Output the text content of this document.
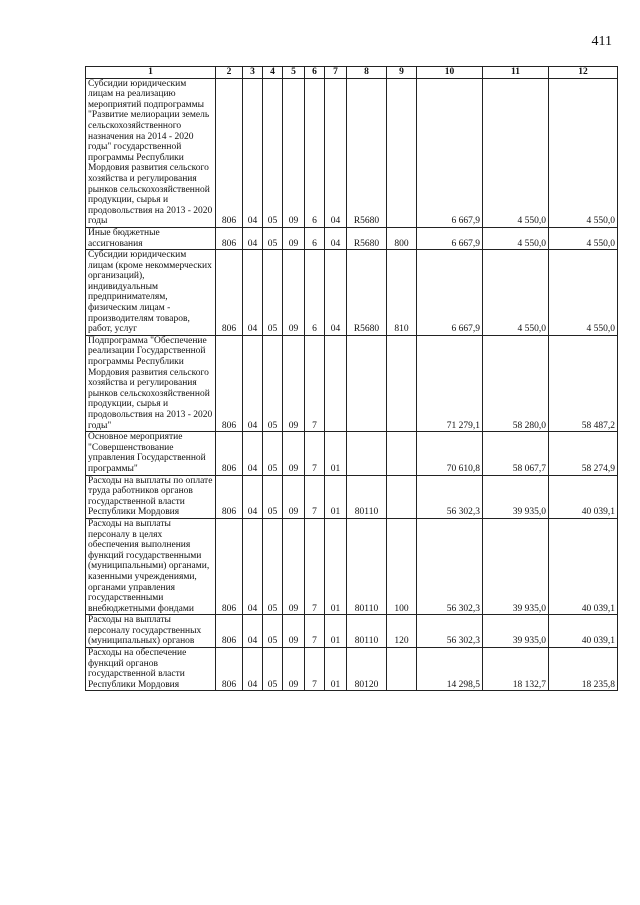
411
1	2	3	4	5	6	7	8	9	10	11	12
Субсидии юридическим лицам на реализацию мероприятий подпрограммы "Развитие мелиорации земель сельскохозяйственного назначения на 2014 - 2020 годы" государственной программы Республики Мордовия развития сельского хозяйства и регулирования рынков сельскохозяйственной продукции, сырья и продовольствия на 2013 - 2020 годы	806	04	05	09	6	04	R5680		6 667,9	4 550,0	4 550,0
Иные бюджетные ассигнования	806	04	05	09	6	04	R5680	800	6 667,9	4 550,0	4 550,0
Субсидии юридическим лицам (кроме некоммерческих организаций), индивидуальным предпринимателям, физическим лицам - производителям товаров, работ, услуг	806	04	05	09	6	04	R5680	810	6 667,9	4 550,0	4 550,0
Подпрограмма "Обеспечение реализации Государственной программы Республики Мордовия развития сельского хозяйства и регулирования рынков сельскохозяйственной продукции, сырья и продовольствия на 2013 - 2020 годы"	806	04	05	09	7				71 279,1	58 280,0	58 487,2
Основное мероприятие "Совершенствование управления Государственной программы"	806	04	05	09	7	01			70 610,8	58 067,7	58 274,9
Расходы на выплаты по оплате труда работников органов государственной власти Республики Мордовия	806	04	05	09	7	01	80110		56 302,3	39 935,0	40 039,1
Расходы на выплаты персоналу в целях обеспечения выполнения функций государственными (муниципальными) органами, казенными учреждениями, органами управления государственными внебюджетными фондами	806	04	05	09	7	01	80110	100	56 302,3	39 935,0	40 039,1
Расходы на выплаты персоналу государственных (муниципальных) органов	806	04	05	09	7	01	80110	120	56 302,3	39 935,0	40 039,1
Расходы на обеспечение функций органов государственной власти Республики Мордовия	806	04	05	09	7	01	80120		14 298,5	18 132,7	18 235,8
